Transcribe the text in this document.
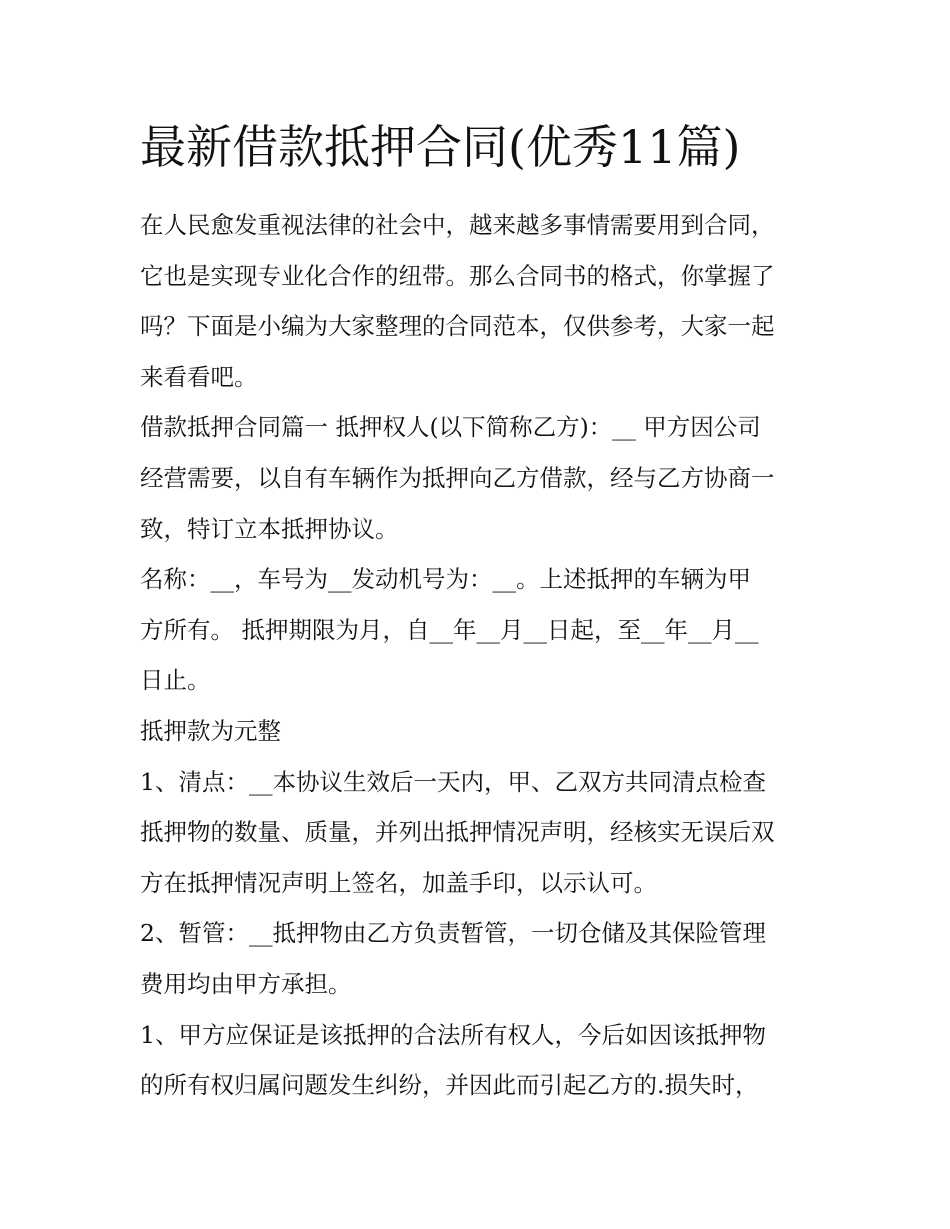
最新借款抵押合同(优秀11篇)
在人民愈发重视法律的社会中，越来越多事情需要用到合同，
它也是实现专业化合作的纽带。那么合同书的格式，你掌握了
吗？下面是小编为大家整理的合同范本，仅供参考，大家一起
来看看吧。
借款抵押合同篇一 抵押权人(以下简称乙方)：__ 甲方因公司
经营需要，以自有车辆作为抵押向乙方借款，经与乙方协商一
致，特订立本抵押协议。
名称：__，车号为__发动机号为：__。上述抵押的车辆为甲
方所有。 抵押期限为月，自__年__月__日起，至__年__月__
日止。
抵押款为元整
1、清点：__本协议生效后一天内，甲、乙双方共同清点检查
抵押物的数量、质量，并列出抵押情况声明，经核实无误后双
方在抵押情况声明上签名，加盖手印，以示认可。
2、暂管：__抵押物由乙方负责暂管，一切仓储及其保险管理
费用均由甲方承担。
1、甲方应保证是该抵押的合法所有权人，今后如因该抵押物
的所有权归属问题发生纠纷，并因此而引起乙方的.损失时，
